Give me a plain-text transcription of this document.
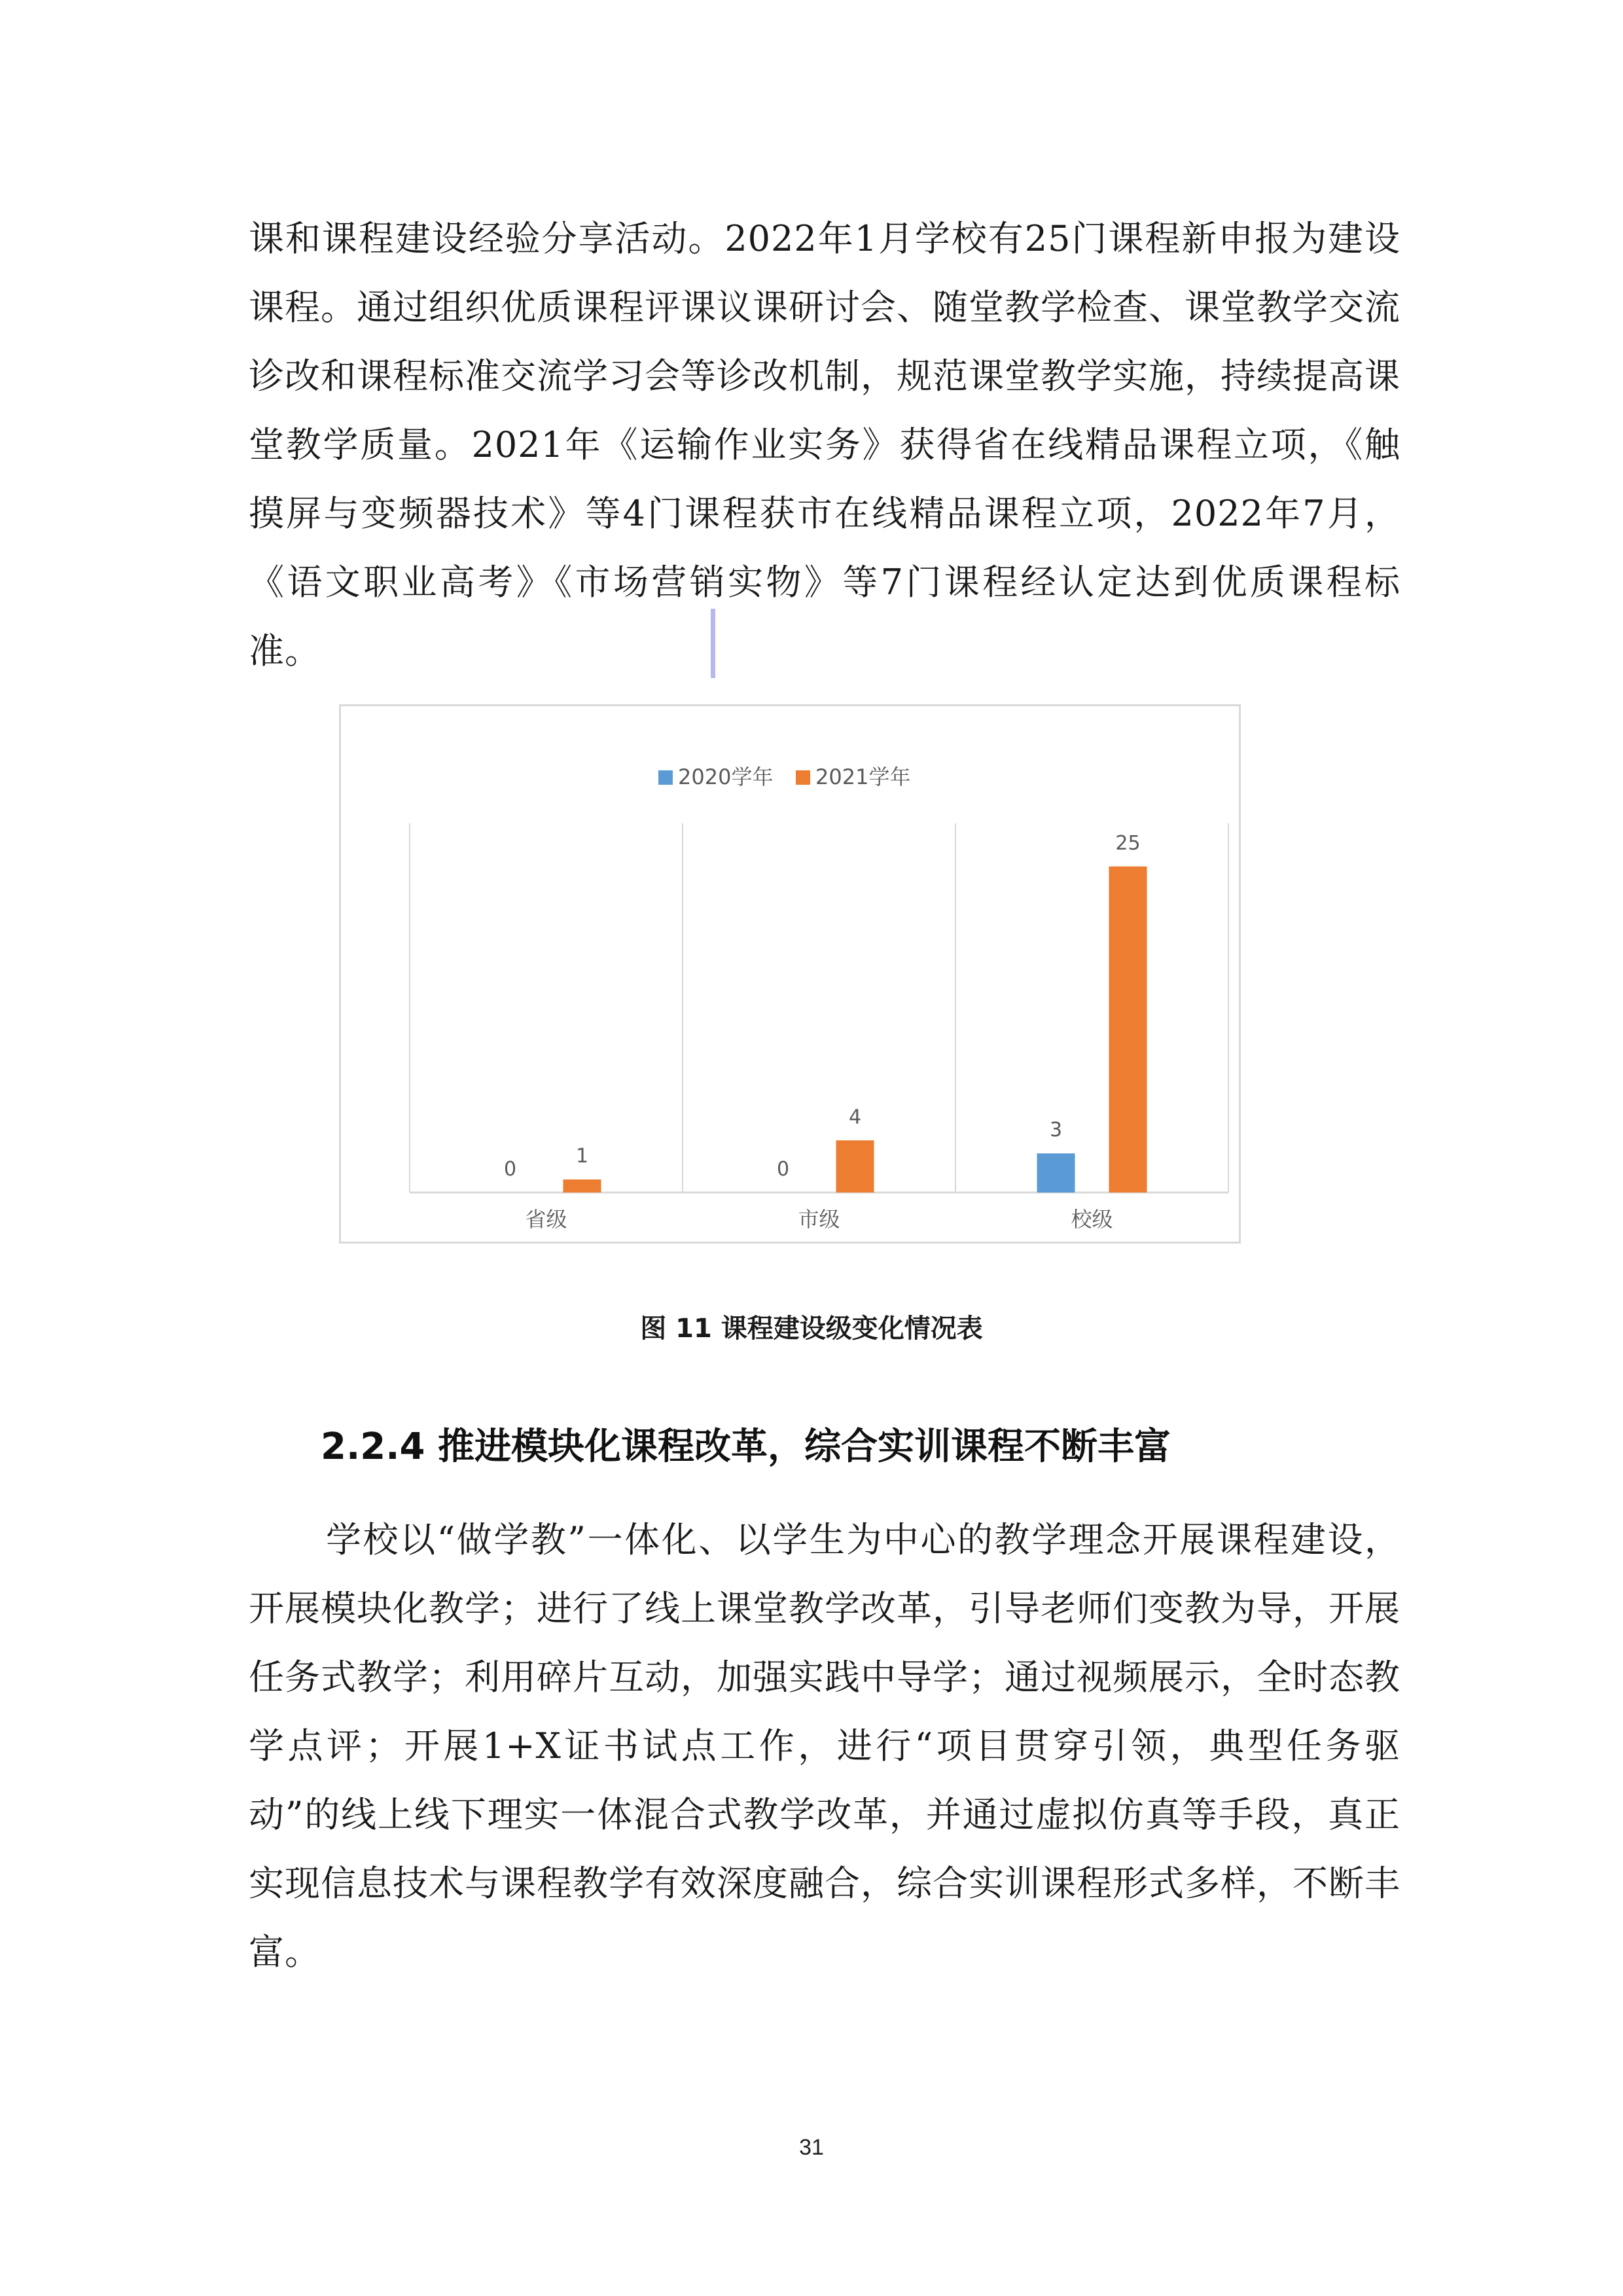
课和课程建设经验分享活动。2022年1月学校有25门课程新申报为建设课程。通过组织优质课程评课议课研讨会、随堂教学检查、课堂教学交流诊改和课程标准交流学习会等诊改机制，规范课堂教学实施，持续提高课堂教学质量。2021年《运输作业实务》获得省在线精品课程立项，《触摸屏与变频器技术》等4门课程获市在线精品课程立项，2022年7月，《语文职业高考》《市场营销实物》等7门课程经认定达到优质课程标准。

2020学年 2021学年
0
1
0
4
3
25
省级	市级	校级
图 11 课程建设级变化情况表
2.2.4 推进模块化课程改革，综合实训课程不断丰富

学校以“做学教”一体化、以学生为中心的教学理念开展课程建设，开展模块化教学；进行了线上课堂教学改革，引导老师们变教为导，开展任务式教学；利用碎片互动，加强实践中导学；通过视频展示，全时态教学点评；开展1+X证书试点工作，进行“项目贯穿引领，典型任务驱动”的线上线下理实一体混合式教学改革，并通过虚拟仿真等手段，真正实现信息技术与课程教学有效深度融合，综合实训课程形式多样，不断丰富。

31
